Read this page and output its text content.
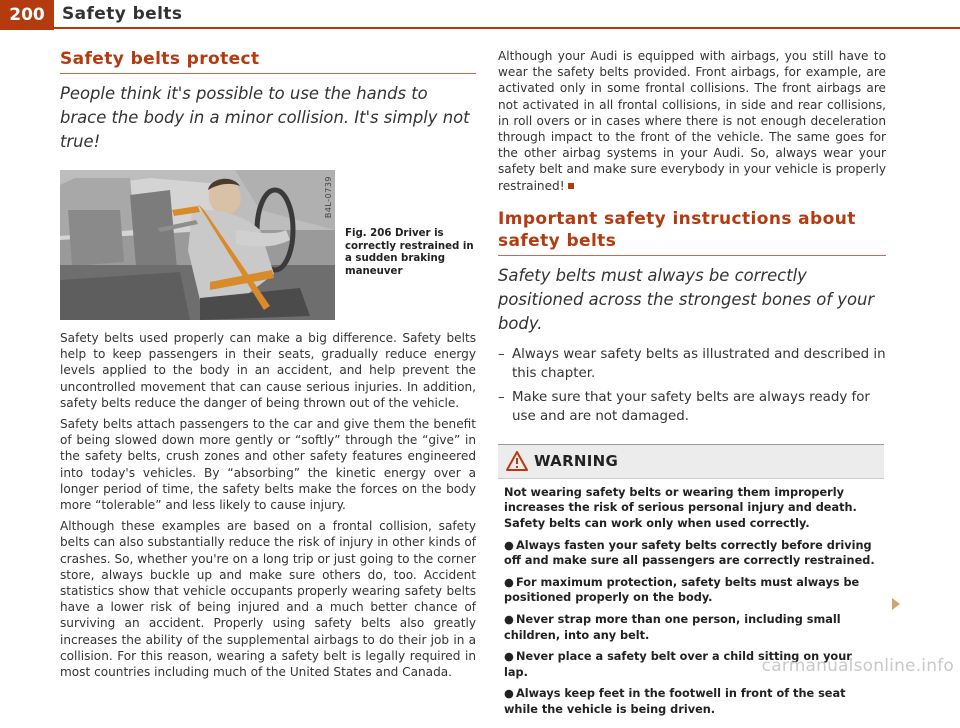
200	Safety belts
Safety belts protect
People think it's possible to use the hands to brace the body in a minor collision. It's simply not true!
B4L-0739
Fig. 206 Driver is correctly restrained in a sudden braking maneuver

Safety belts used properly can make a big difference. Safety belts help to keep passengers in their seats, gradually reduce energy levels applied to the body in an accident, and help prevent the uncontrolled movement that can cause serious injuries. In addition, safety belts reduce the danger of being thrown out of the vehicle.

Safety belts attach passengers to the car and give them the benefit of being slowed down more gently or “softly” through the “give” in the safety belts, crush zones and other safety features engineered into today's vehicles. By “absorbing” the kinetic energy over a longer period of time, the safety belts make the forces on the body more “tolerable” and less likely to cause injury.

Although these examples are based on a frontal collision, safety belts can also substantially reduce the risk of injury in other kinds of crashes. So, whether you're on a long trip or just going to the corner store, always buckle up and make sure others do, too. Accident statistics show that vehicle occupants properly wearing safety belts have a lower risk of being injured and a much better chance of surviving an accident. Properly using safety belts also greatly increases the ability of the supplemental airbags to do their job in a collision. For this reason, wearing a safety belt is legally required in most countries including much of the United States and Canada.

Although your Audi is equipped with airbags, you still have to wear the safety belts provided. Front airbags, for example, are activated only in some frontal collisions. The front airbags are not activated in all frontal collisions, in side and rear collisions, in roll overs or in cases where there is not enough deceleration through impact to the front of the vehicle. The same goes for the other airbag systems in your Audi. So, always wear your safety belt and make sure everybody in your vehicle is properly restrained!

Important safety instructions about safety belts
Safety belts must always be correctly positioned across the strongest bones of your body.
– Always wear safety belts as illustrated and described in this chapter.
– Make sure that your safety belts are always ready for use and are not damaged.
WARNING

Not wearing safety belts or wearing them improperly increases the risk of serious personal injury and death. Safety belts can work only when used correctly.

● Always fasten your safety belts correctly before driving off and make sure all passengers are correctly restrained.

● For maximum protection, safety belts must always be positioned properly on the body.

● Never strap more than one person, including small children, into any belt.

● Never place a safety belt over a child sitting on your lap.

● Always keep feet in the footwell in front of the seat while the vehicle is being driven.

carmanualsonline.info
